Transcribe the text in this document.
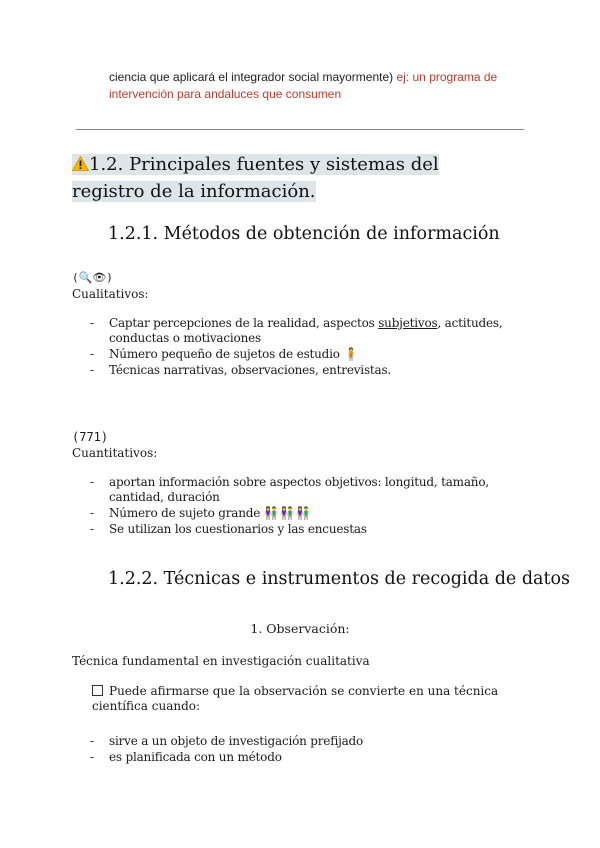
ciencia que aplicará el integrador social mayormente) ej: un programa de intervención para andaluces que consumen
1.2. Principales fuentes y sistemas del registro de la información.
1.2.1. Métodos de obtención de información
(🔍👁)
Cualitativos:
- Captar percepciones de la realidad, aspectos subjetivos, actitudes, conductas o motivaciones
- Número pequeño de sujetos de estudio 🧍
- Técnicas narrativas, observaciones, entrevistas.
(771)
Cuantitativos:
- aportan información sobre aspectos objetivos: longitud, tamaño, cantidad, duración
- Número de sujeto grande 👫👫👫
- Se utilizan los cuestionarios y las encuestas
1.2.2. Técnicas e instrumentos de recogida de datos
1. Observación:
Técnica fundamental en investigación cualitativa
Puede afirmarse que la observación se convierte en una técnica científica cuando:
- sirve a un objeto de investigación prefijado
- es planificada con un método
